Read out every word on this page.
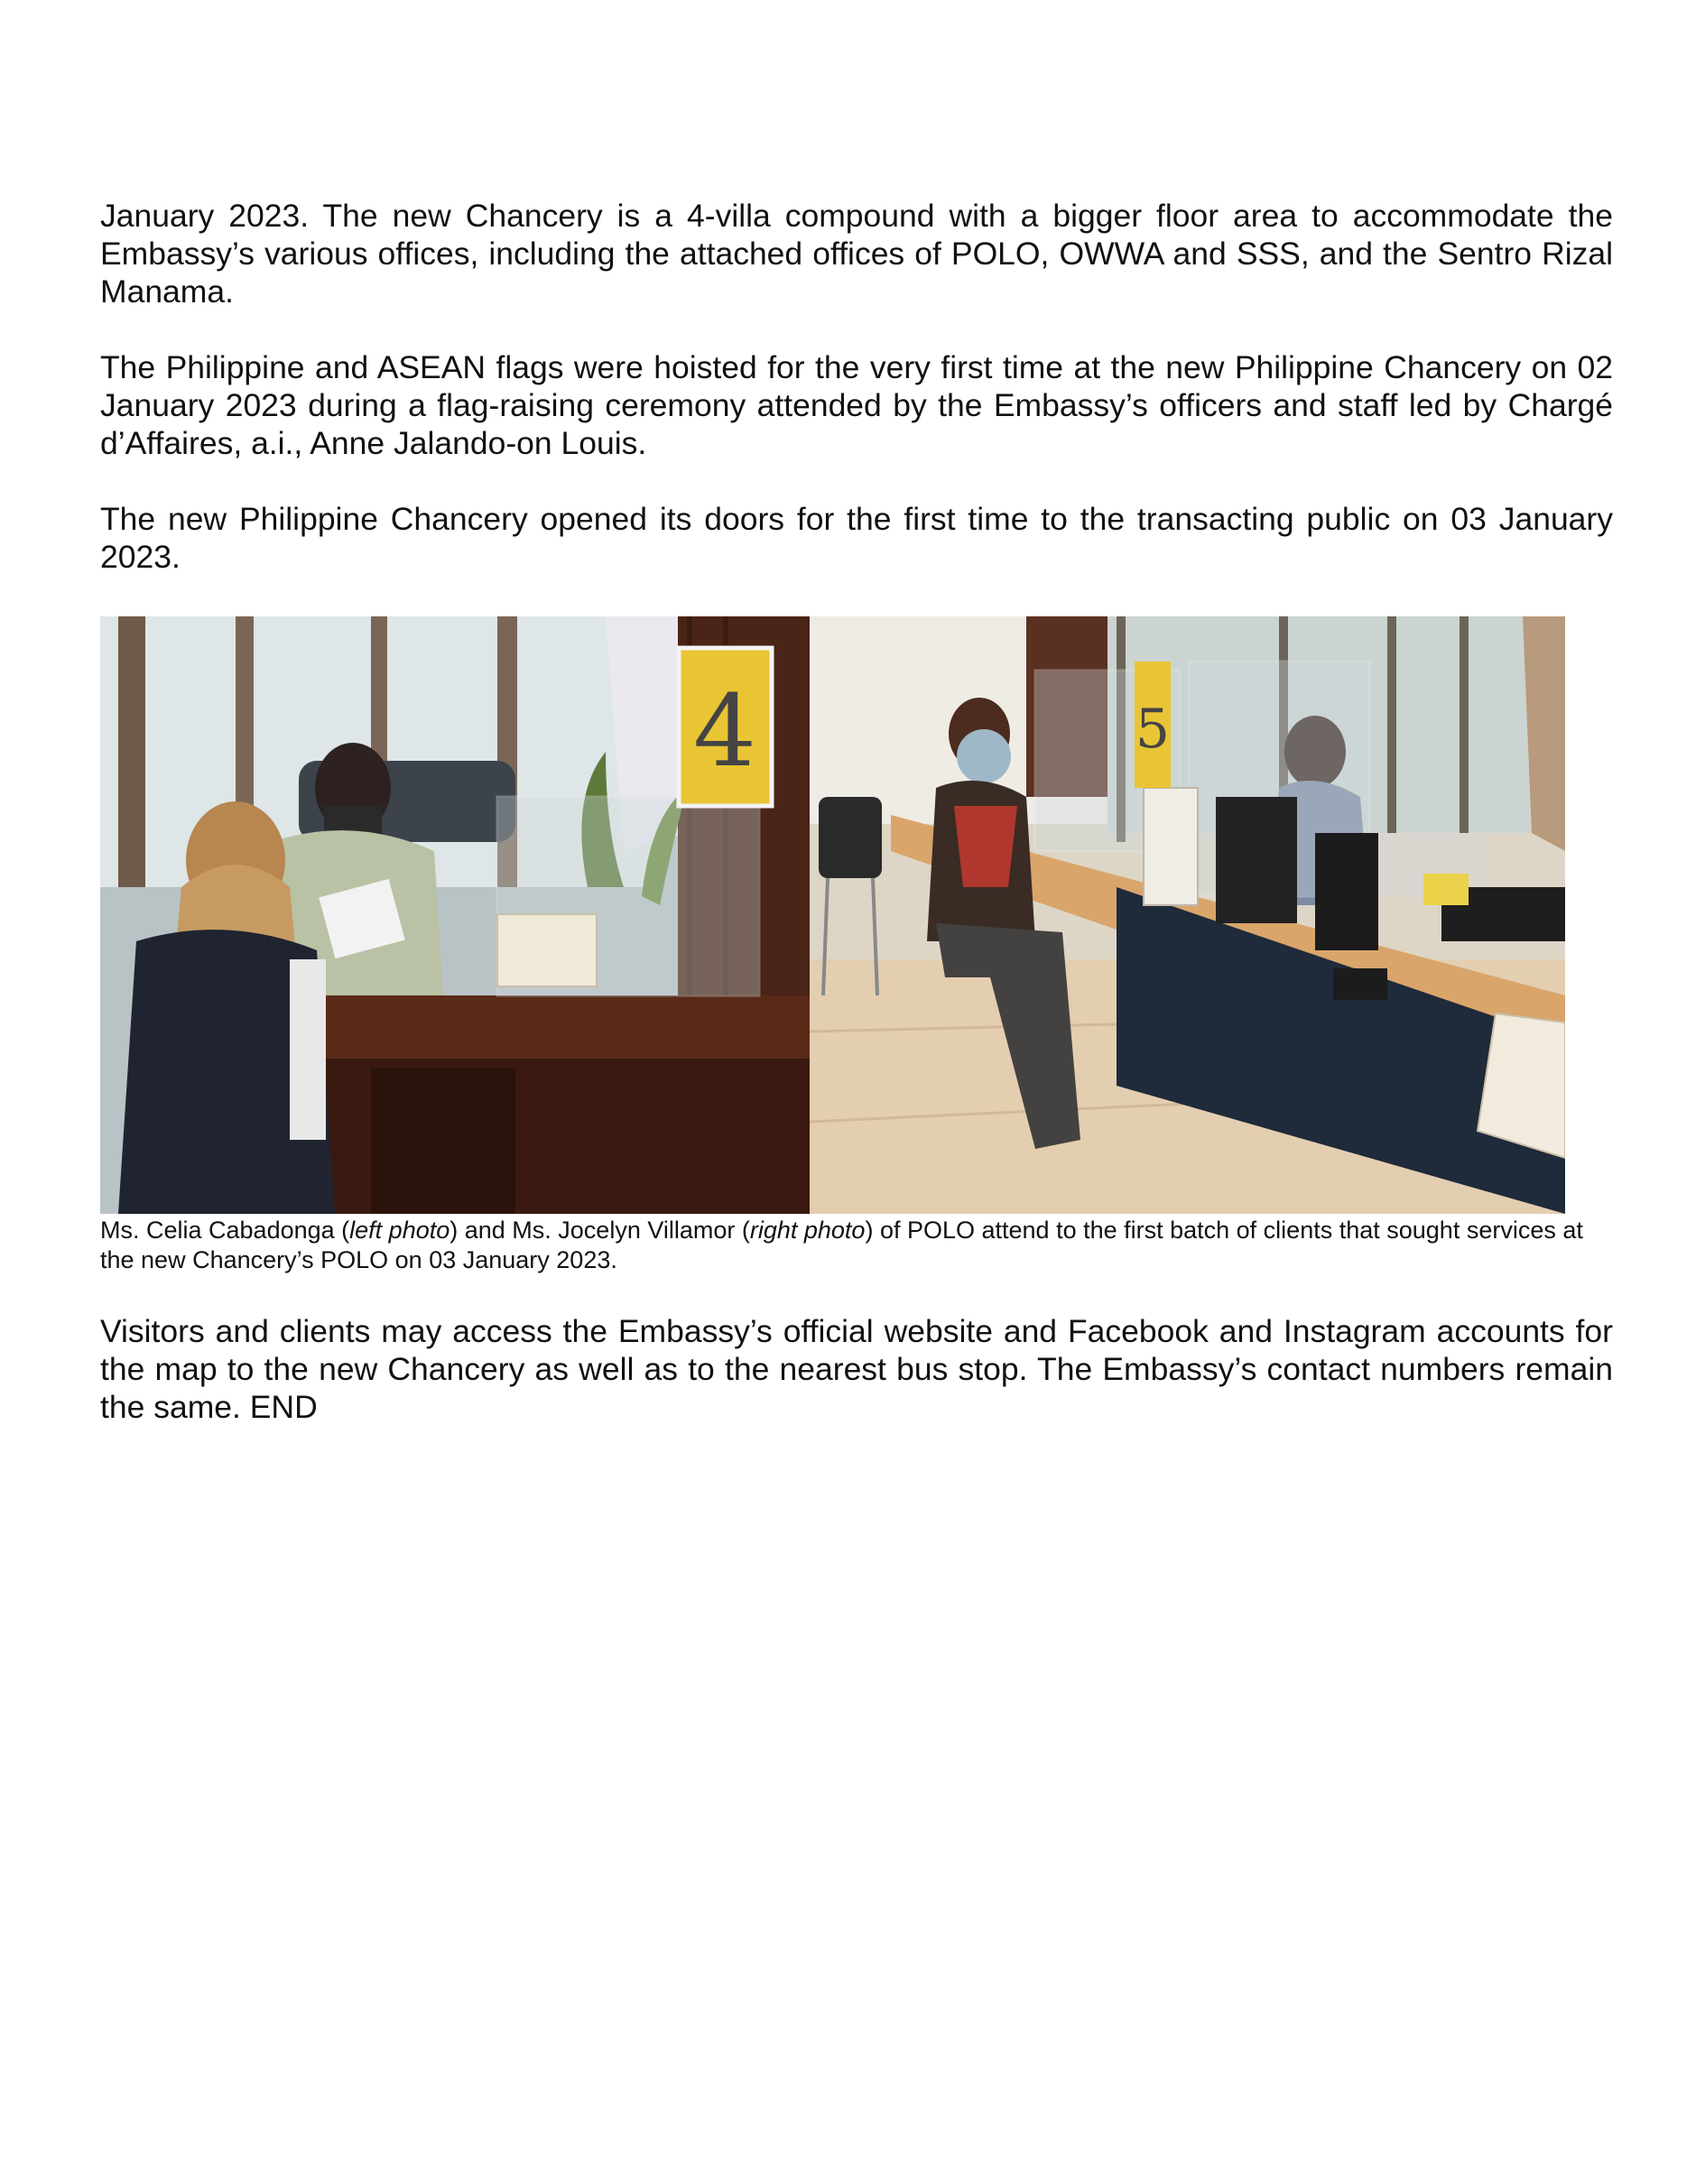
January 2023. The new Chancery is a 4-villa compound with a bigger floor area to accommodate the Embassy’s various offices, including the attached offices of POLO, OWWA and SSS, and the Sentro Rizal Manama.

The Philippine and ASEAN flags were hoisted for the very first time at the new Philippine Chancery on 02 January 2023 during a flag-raising ceremony attended by the Embassy’s officers and staff led by Chargé d’Affaires, a.i., Anne Jalando-on Louis.

The new Philippine Chancery opened its doors for the first time to the transacting public on 03 January 2023.

4	5

Ms. Celia Cabadonga (left photo) and Ms. Jocelyn Villamor (right photo) of POLO attend to the first batch of clients that sought services at the new Chancery’s POLO on 03 January 2023.

Visitors and clients may access the Embassy’s official website and Facebook and Instagram accounts for the map to the new Chancery as well as to the nearest bus stop. The Embassy’s contact numbers remain the same. END
